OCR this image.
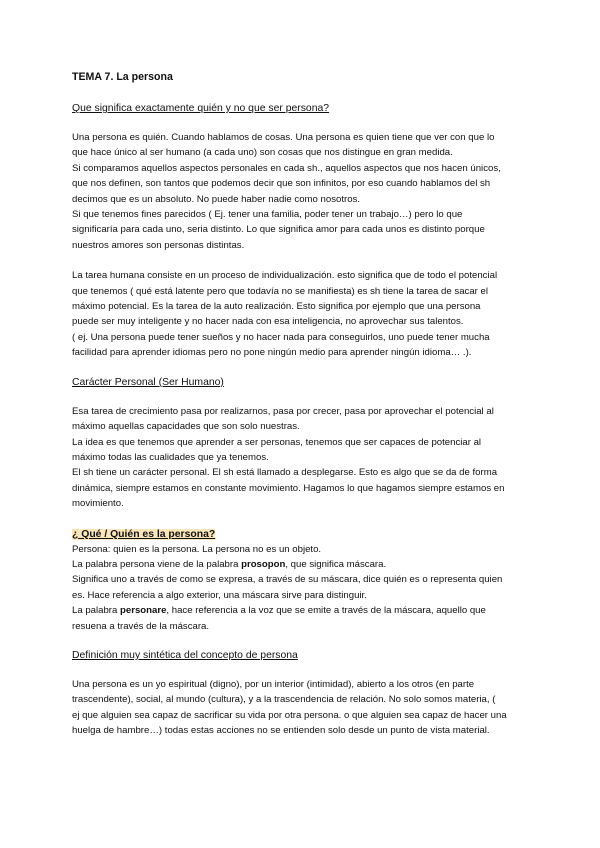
TEMA 7. La persona

Que significa exactamente quién y no que ser persona?

Una persona es quién. Cuando hablamos de cosas. Una persona es quien tiene que ver con que lo

que hace único al ser humano (a cada uno) son cosas que nos distingue en gran medida.

Si comparamos aquellos aspectos personales en cada sh., aquellos aspectos que nos hacen únicos,

que nos definen, son tantos que podemos decir que son infinitos, por eso cuando hablamos del sh

decimos que es un absoluto. No puede haber nadie como nosotros.

Si que tenemos fines parecidos ( Ej. tener una familia, poder tener un trabajo…) pero lo que

significaría para cada uno, seria distinto. Lo que significa amor para cada unos es distinto porque

nuestros amores son personas distintas.

La tarea humana consiste en un proceso de individualización. esto significa que de todo el potencial

que tenemos ( qué está latente pero que todavía no se manifiesta) es sh tiene la tarea de sacar el

máximo potencial. Es la tarea de la auto realización. Esto significa por ejemplo que una persona

puede ser muy inteligente y no hacer nada con esa inteligencia, no aprovechar sus talentos.

( ej. Una persona puede tener sueños y no hacer nada para conseguirlos, uno puede tener mucha

facilidad para aprender idiomas pero no pone ningún medio para aprender ningún idioma… .).

Carácter Personal (Ser Humano)

Esa tarea de crecimiento pasa por realizarnos, pasa por crecer, pasa por aprovechar el potencial al

máximo aquellas capacidades que son solo nuestras.

La idea es que tenemos que aprender a ser personas, tenemos que ser capaces de potenciar al

máximo todas las cualidades que ya tenemos.

El sh tiene un carácter personal. El sh está llamado a desplegarse. Esto es algo que se da de forma

dinámica, siempre estamos en constante movimiento. Hagamos lo que hagamos siempre estamos en

movimiento.

¿ Qué / Quién es la persona?

Persona: quien es la persona. La persona no es un objeto.

La palabra persona viene de la palabra prosopon, que significa máscara.

Significa uno a través de como se expresa, a través de su máscara, dice quién es o representa quien

es. Hace referencia a algo exterior, una máscara sirve para distinguir.

La palabra personare, hace referencia a la voz que se emite a través de la máscara, aquello que

resuena a través de la máscara.

Definición muy sintética del concepto de persona

Una persona es un yo espiritual (digno), por un interior (intimidad), abierto a los otros (en parte

trascendente), social, al mundo (cultura), y a la trascendencia de relación. No solo somos materia, (

ej que alguien sea capaz de sacrificar su vida por otra persona. o que alguien sea capaz de hacer una

huelga de hambre…) todas estas acciones no se entienden solo desde un punto de vista material.
